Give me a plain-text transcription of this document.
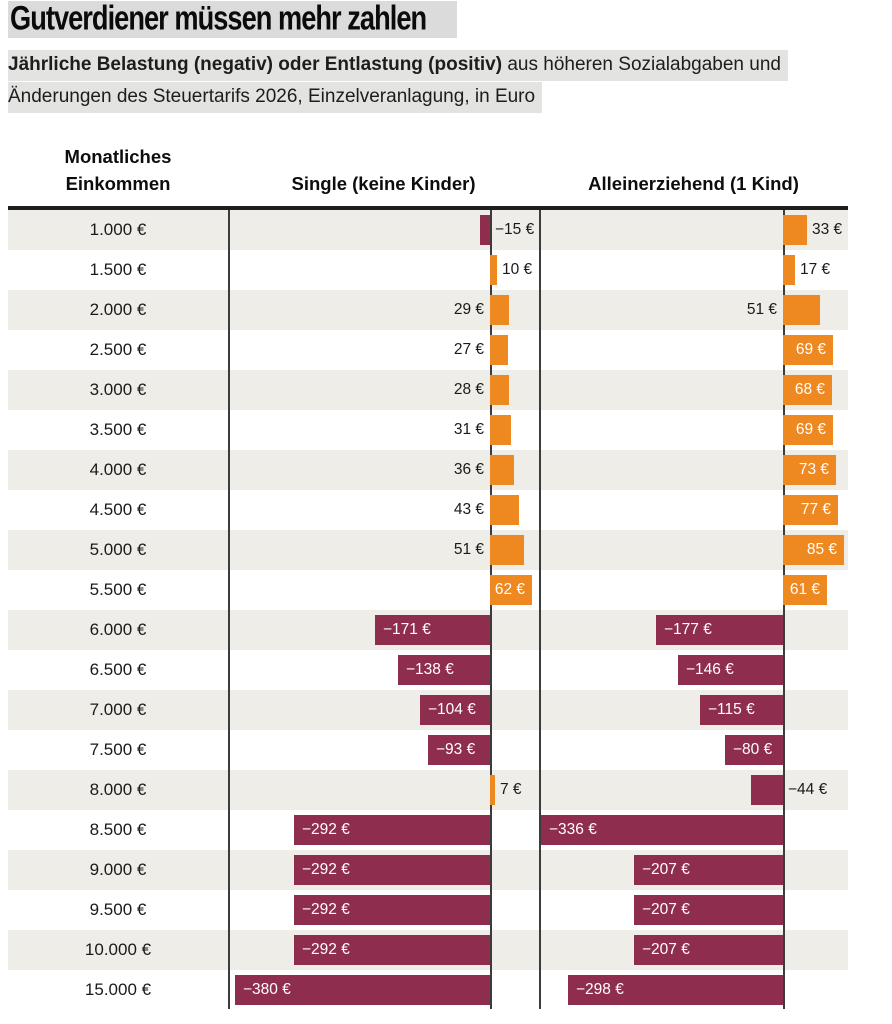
Gutverdiener müssen mehr zahlen
Jährliche Belastung (negativ) oder Entlastung (positiv) aus höheren Sozialabgaben und
Änderungen des Steuertarifs 2026, Einzelveranlagung, in Euro
Monatliches
Einkommen	Single (keine Kinder)	Alleinerziehend (1 Kind)
1.000 €	−15 €	33 €
1.500 €	10 €	17 €
2.000 €	29 €	51 €
2.500 €	27 €	69 €
3.000 €	28 €	68 €
3.500 €	31 €	69 €
4.000 €	36 €	73 €
4.500 €	43 €	77 €
5.000 €	51 €	85 €
5.500 €	62 €	61 €
6.000 €	−171 €	−177 €
6.500 €	−138 €	−146 €
7.000 €	−104 €	−115 €
7.500 €	−93 €	−80 €
8.000 €	7 €	−44 €
8.500 €	−292 €	−336 €
9.000 €	−292 €	−207 €
9.500 €	−292 €	−207 €
10.000 €	−292 €	−207 €
15.000 €	−380 €	−298 €
